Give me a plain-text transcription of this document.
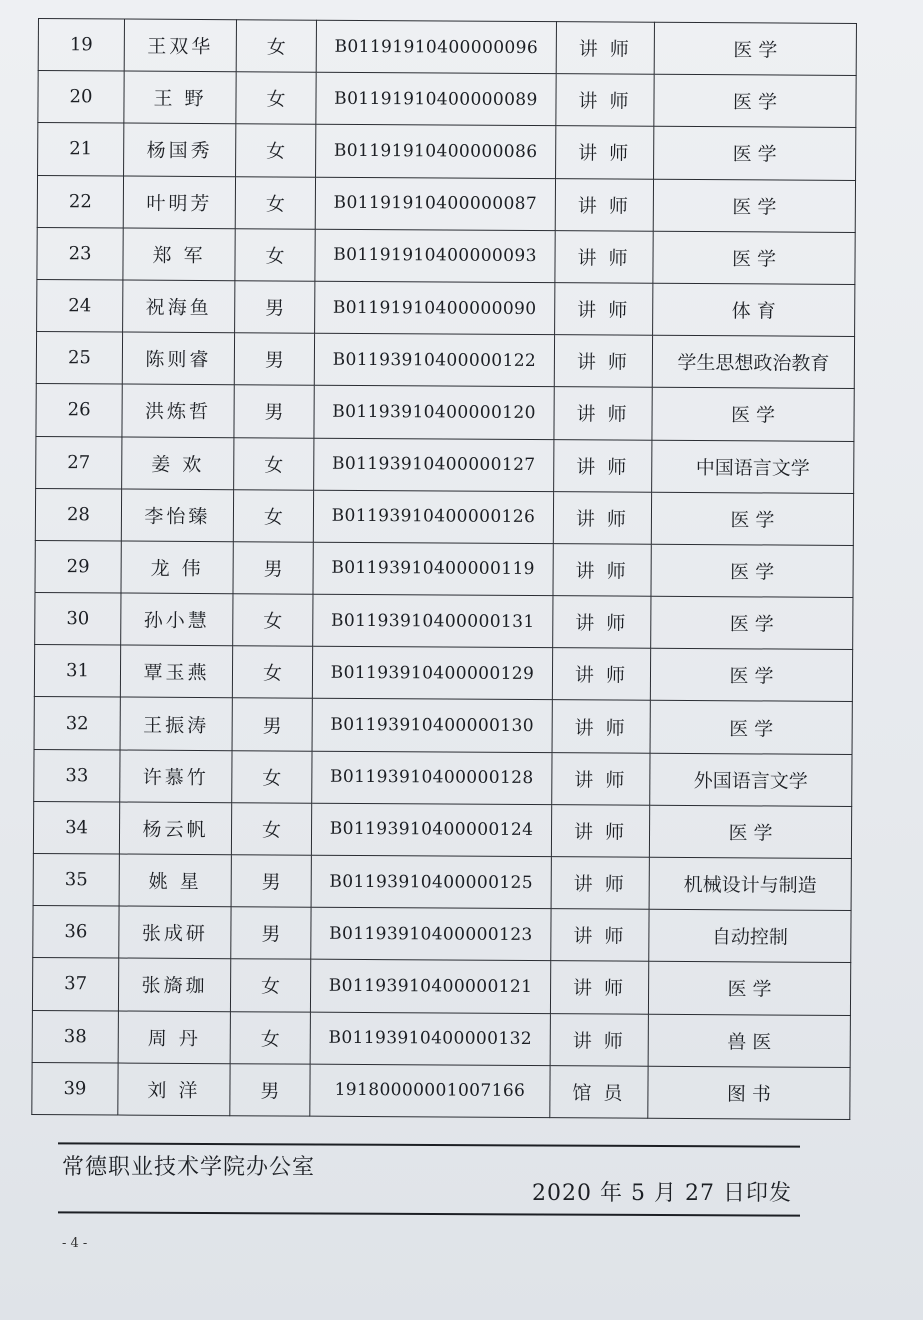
19	王双华	女	B01191910400000096	讲 师	医 学
20	王 野	女	B01191910400000089	讲 师	医 学
21	杨国秀	女	B01191910400000086	讲 师	医 学
22	叶明芳	女	B01191910400000087	讲 师	医 学
23	郑 军	女	B01191910400000093	讲 师	医 学
24	祝海鱼	男	B01191910400000090	讲 师	体 育
25	陈则睿	男	B01193910400000122	讲 师	学生思想政治教育
26	洪炼哲	男	B01193910400000120	讲 师	医 学
27	姜 欢	女	B01193910400000127	讲 师	中国语言文学
28	李怡臻	女	B01193910400000126	讲 师	医 学
29	龙 伟	男	B01193910400000119	讲 师	医 学
30	孙小慧	女	B01193910400000131	讲 师	医 学
31	覃玉燕	女	B01193910400000129	讲 师	医 学
32	王振涛	男	B01193910400000130	讲 师	医 学
33	许慕竹	女	B01193910400000128	讲 师	外国语言文学
34	杨云帆	女	B01193910400000124	讲 师	医 学
35	姚 星	男	B01193910400000125	讲 师	机械设计与制造
36	张成研	男	B01193910400000123	讲 师	自动控制
37	张旖珈	女	B01193910400000121	讲 师	医 学
38	周 丹	女	B01193910400000132	讲 师	兽 医
39	刘 洋	男	19180000001007166	馆 员	图 书
常德职业技术学院办公室
2020 年 5 月 27 日印发
- 4 -
